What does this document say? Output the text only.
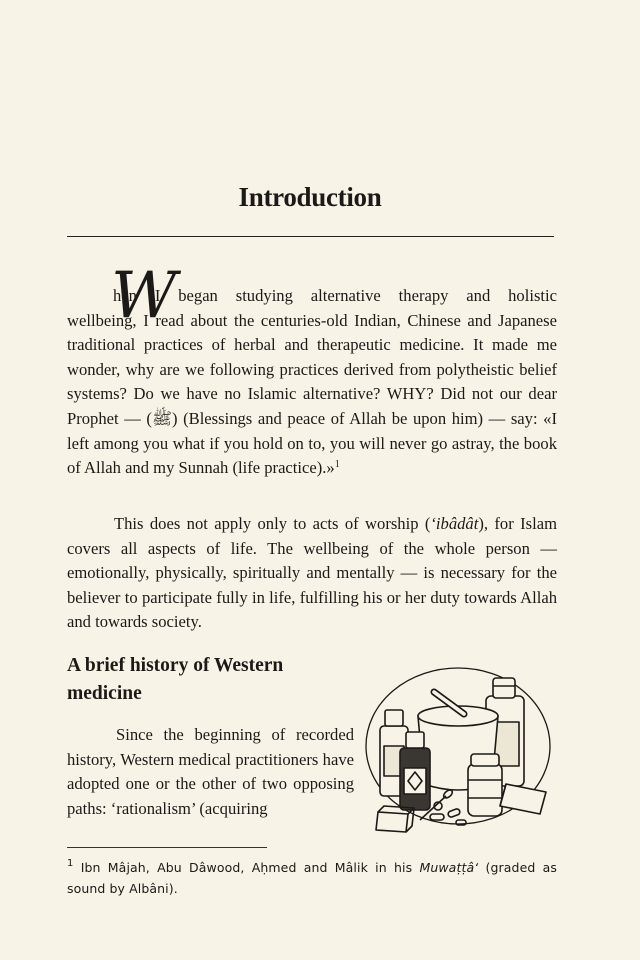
Introduction
W
hen I began studying alternative therapy and holistic
wellbeing, I read about the centuries-old Indian, Chinese and Japanese traditional practices of herbal and therapeutic medicine. It made me wonder, why are we following practices derived from polytheistic belief systems? Do we have no Islamic alternative? WHY? Did not our dear Prophet — (ﷺ) (Blessings and peace of Allah be upon him) — say: «I left among you what if you hold on to, you will never go astray, the book of Allah and my Sunnah (life practice).»$^1$

This does not apply only to acts of worship (‘ibâdât), for Islam covers all aspects of life. The wellbeing of the whole person — emotionally, physically, spiritually and mentally — is necessary for the believer to participate fully in life, fulfilling his or her duty towards Allah and towards society.

A brief history of Western medicine

Since the beginning of recorded history, Western medical practitioners have adopted one or the other of two opposing paths: ‘rationalism’ (acquiring

$^1$ Ibn Mâjah, Abu Dâwood, Aḥmed and Mâlik in his Muwaṭṭâ‘ (graded as sound by Albâni).
